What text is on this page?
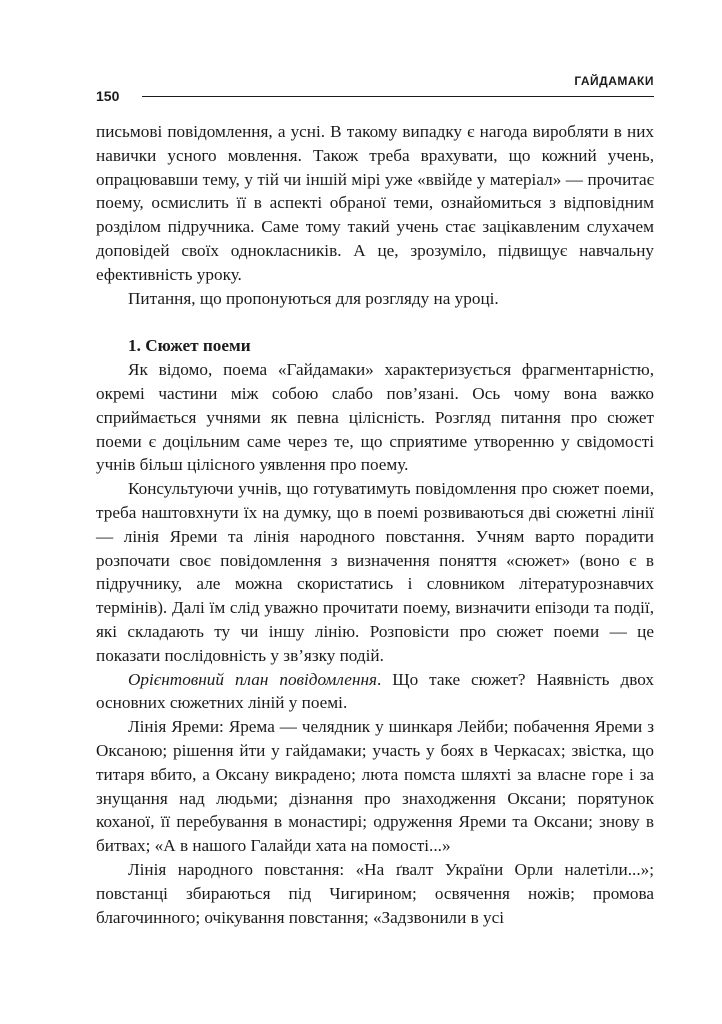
ГАЙДАМАКИ
150

письмові повідомлення, а усні. В такому випадку є нагода виробляти в них навички усного мовлення. Також треба врахувати, що кожний учень, опрацювавши тему, у тій чи іншій мірі уже «ввійде у матеріал» — прочитає поему, осмислить її в аспекті обраної теми, ознайомиться з відповідним розділом підручника. Саме тому такий учень стає зацікавленим слухачем доповідей своїх однокласників. А це, зрозуміло, підвищує навчальну ефективність уроку.

Питання, що пропонуються для розгляду на уроці.

1. Сюжет поеми

Як відомо, поема «Гайдамаки» характеризується фрагментарністю, окремі частини між собою слабо пов’язані. Ось чому вона важко сприймається учнями як певна цілісність. Розгляд питання про сюжет поеми є доцільним саме через те, що сприятиме утворенню у свідомості учнів більш цілісного уявлення про поему.

Консультуючи учнів, що готуватимуть повідомлення про сюжет поеми, треба наштовхнути їх на думку, що в поемі розвиваються дві сюжетні лінії — лінія Яреми та лінія народного повстання. Учням варто порадити розпочати своє повідомлення з визначення поняття «сюжет» (воно є в підручнику, але можна скористатись і словником літературознавчих термінів). Далі їм слід уважно прочитати поему, визначити епізоди та події, які складають ту чи іншу лінію. Розповісти про сюжет поеми — це показати послідовність у зв’язку подій.

Орієнтовний план повідомлення. Що таке сюжет? Наявність двох основних сюжетних ліній у поемі.

Лінія Яреми: Ярема — челядник у шинкаря Лейби; побачення Яреми з Оксаною; рішення йти у гайдамаки; участь у боях в Черкасах; звістка, що титаря вбито, а Оксану викрадено; люта помста шляхті за власне горе і за знущання над людьми; дізнання про знаходження Оксани; порятунок коханої, її перебування в монастирі; одруження Яреми та Оксани; знову в битвах; «А в нашого Галайди хата на помості...»

Лінія народного повстання: «На ґвалт України Орли налетіли...»; повстанці збираються під Чигирином; освячення ножів; промова благочинного; очікування повстання; «Задзвонили в усі
